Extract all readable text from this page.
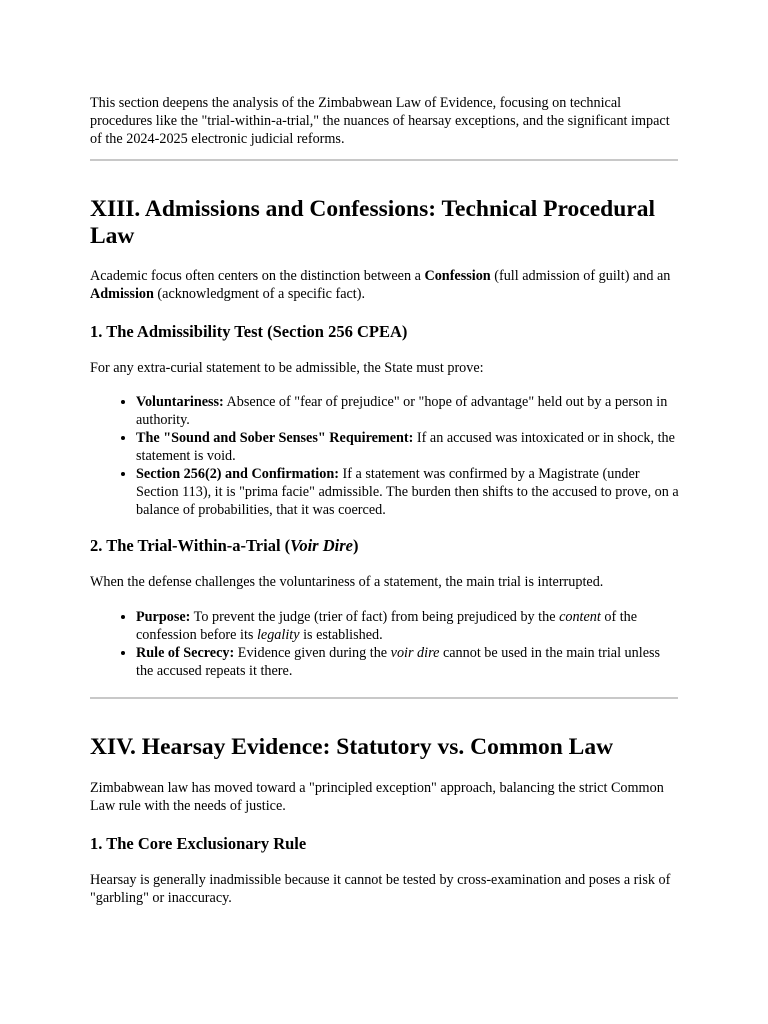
This section deepens the analysis of the Zimbabwean Law of Evidence, focusing on technical procedures like the "trial-within-a-trial," the nuances of hearsay exceptions, and the significant impact of the 2024-2025 electronic judicial reforms.

XIII. Admissions and Confessions: Technical Procedural Law

Academic focus often centers on the distinction between a Confession (full admission of guilt) and an Admission (acknowledgment of a specific fact).

1. The Admissibility Test (Section 256 CPEA)

For any extra-curial statement to be admissible, the State must prove:

• Voluntariness: Absence of "fear of prejudice" or "hope of advantage" held out by a person in authority.
• The "Sound and Sober Senses" Requirement: If an accused was intoxicated or in shock, the statement is void.
• Section 256(2) and Confirmation: If a statement was confirmed by a Magistrate (under Section 113), it is "prima facie" admissible. The burden then shifts to the accused to prove, on a balance of probabilities, that it was coerced.
2. The Trial-Within-a-Trial (Voir Dire)

When the defense challenges the voluntariness of a statement, the main trial is interrupted.

• Purpose: To prevent the judge (trier of fact) from being prejudiced by the content of the confession before its legality is established.
• Rule of Secrecy: Evidence given during the voir dire cannot be used in the main trial unless the accused repeats it there.
XIV. Hearsay Evidence: Statutory vs. Common Law

Zimbabwean law has moved toward a "principled exception" approach, balancing the strict Common Law rule with the needs of justice.

1. The Core Exclusionary Rule

Hearsay is generally inadmissible because it cannot be tested by cross-examination and poses a risk of "garbling" or inaccuracy.
